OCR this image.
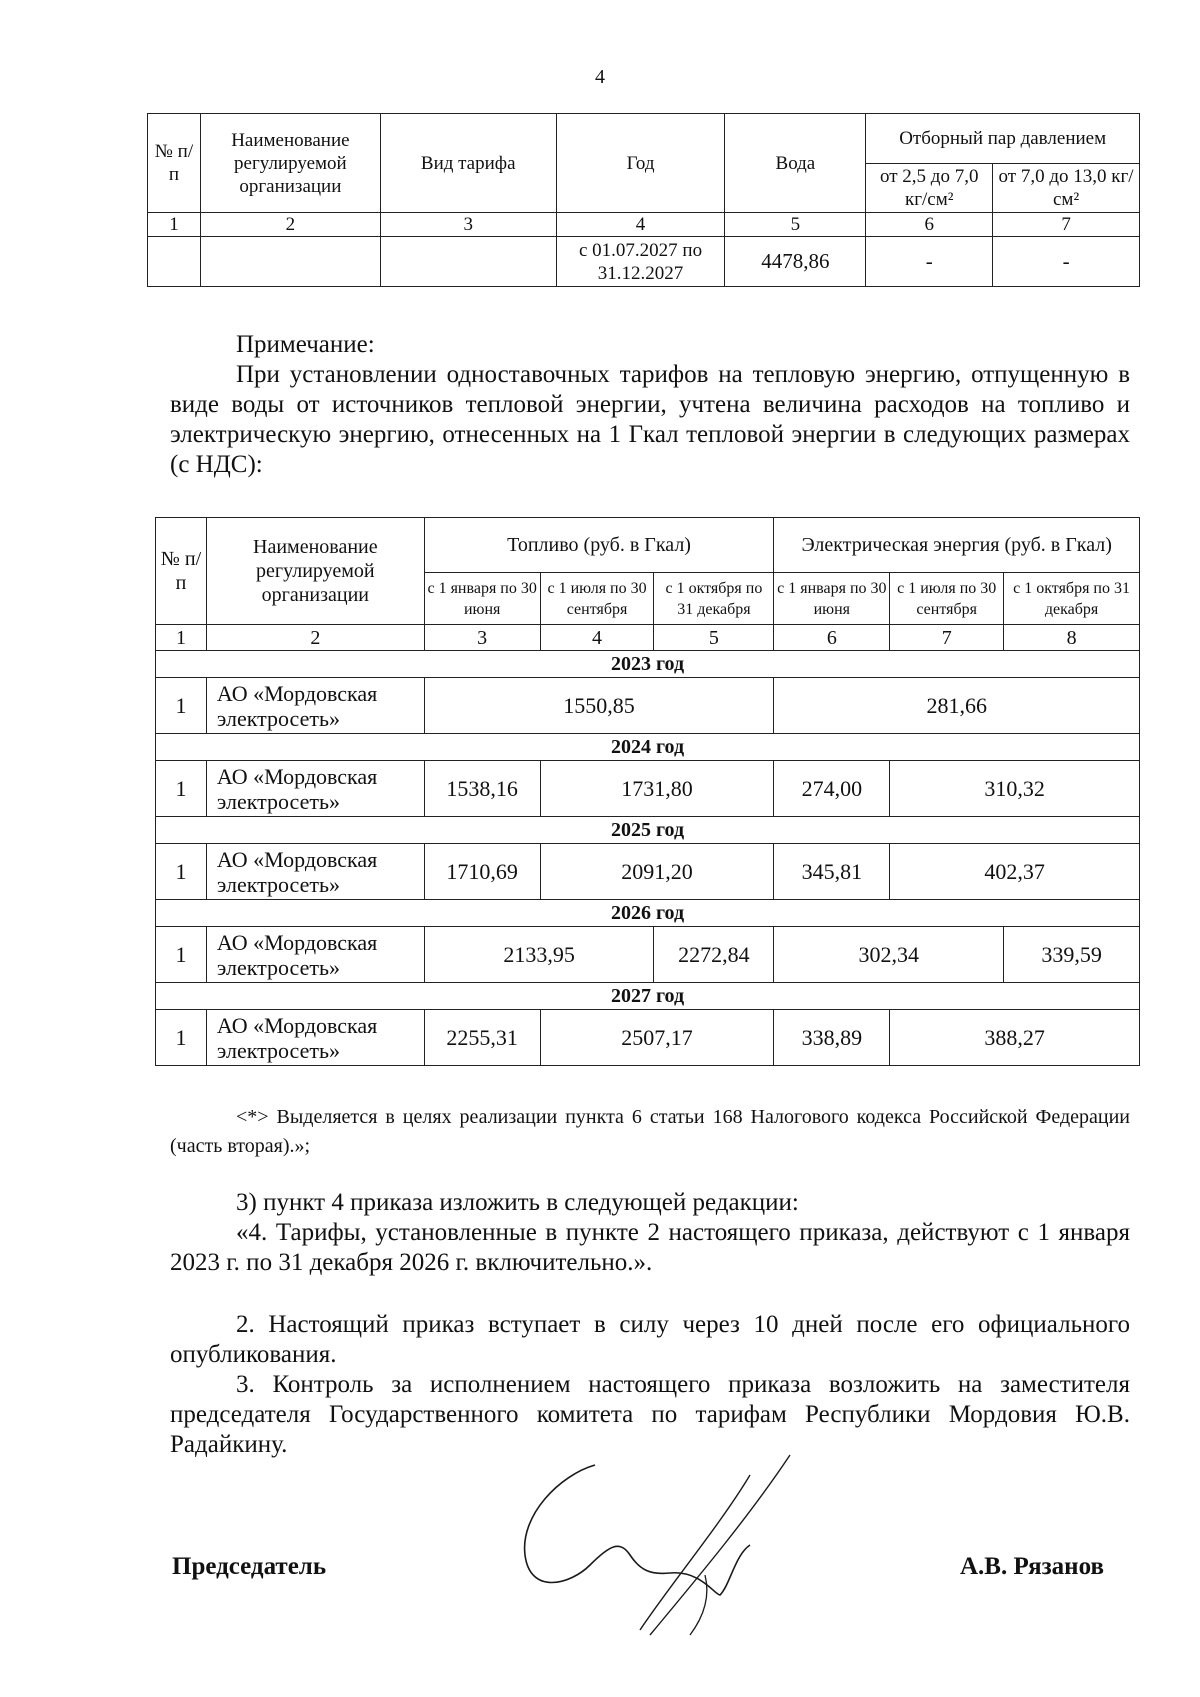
4
№ п/п	Наименование регулируемой организации	Вид тарифа	Год	Вода	Отборный пар давлением	
					от 2,5 до 7,0 кг/см²	от 7,0 до 13,0 кг/см²
1	2	3	4	5	6	7
			с 01.07.2027 по 31.12.2027	4478,86	-	-

Примечание:

При установлении одноставочных тарифов на тепловую энергию, отпущенную в виде воды от источников тепловой энергии, учтена величина расходов на топливо и электрическую энергию, отнесенных на 1 Гкал тепловой энергии в следующих размерах (с НДС):

№ п/п	Наименование регулируемой организации	Топливо (руб. в Гкал)			Электрическая энергия (руб. в Гкал)		
		с 1 января по 30 июня	с 1 июля по 30 сентября	с 1 октября по 31 декабря	с 1 января по 30 июня	с 1 июля по 30 сентября	с 1 октября по 31 декабря
1	2	3	4	5	6	7	8
2023 год							
1	АО «Мордовская электросеть»	1550,85			281,66		
2024 год							
1	АО «Мордовская электросеть»	1538,16	1731,80		274,00	310,32	
2025 год							
1	АО «Мордовская электросеть»	1710,69	2091,20		345,81	402,37	
2026 год							
1	АО «Мордовская электросеть»	2133,95		2272,84	302,34		339,59
2027 год							
1	АО «Мордовская электросеть»	2255,31	2507,17		338,89	388,27	
<*> Выделяется в целях реализации пункта 6 статьи 168 Налогового кодекса Российской Федерации (часть вторая).»;

3) пункт 4 приказа изложить в следующей редакции:

«4. Тарифы, установленные в пункте 2 настоящего приказа, действуют с 1 января 2023 г. по 31 декабря 2026 г. включительно.».

2. Настоящий приказ вступает в силу через 10 дней после его официального опубликования.

3. Контроль за исполнением настоящего приказа возложить на заместителя председателя Государственного комитета по тарифам Республики Мордовия Ю.В. Радайкину.

Председатель	А.В. Рязанов
